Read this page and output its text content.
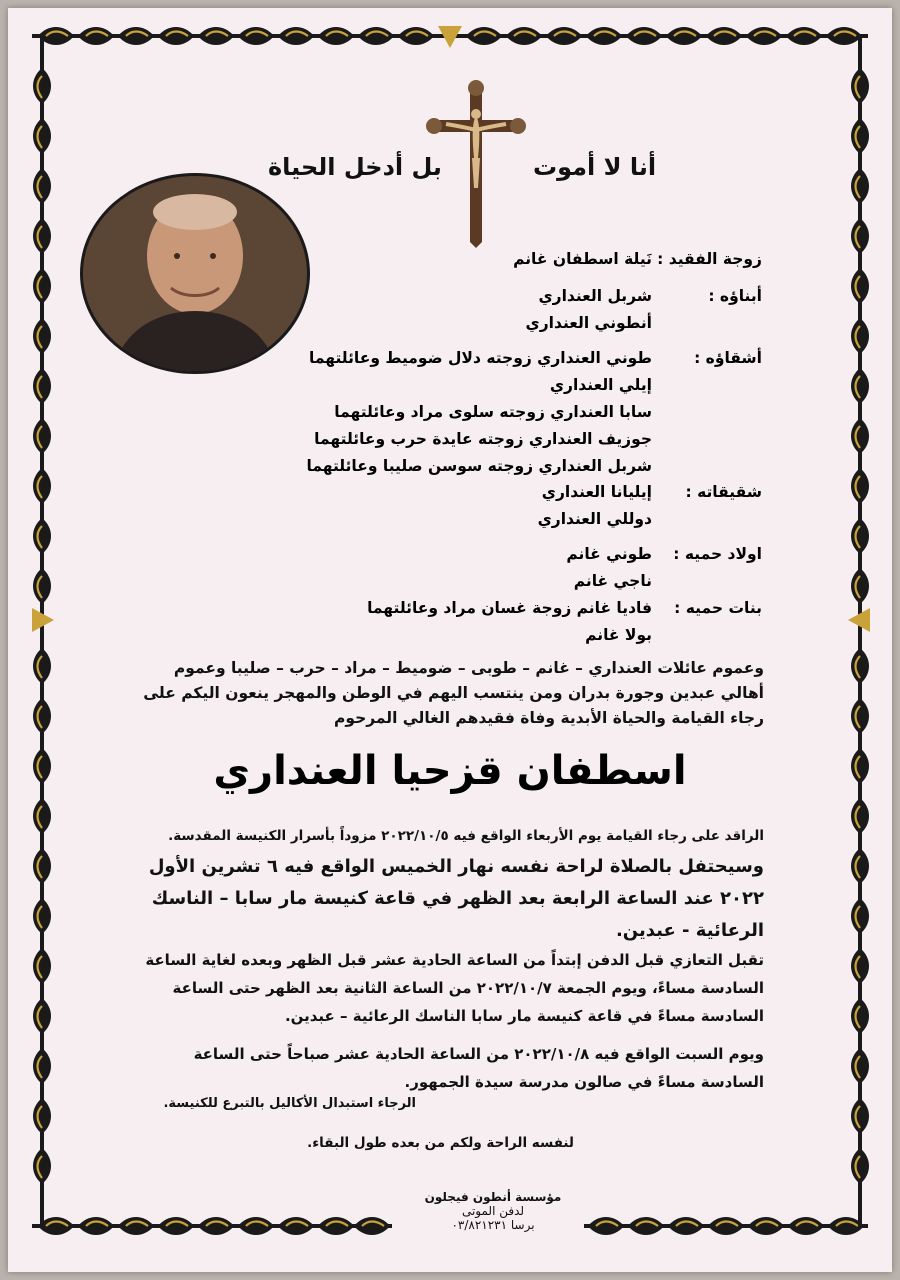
أنا لا أموت
بل أدخل الحياة
زوجة الفقيد :
نَيلة اسطفان غانم
أبناؤه :
شربل العنداري
أنطوني العنداري
أشقاؤه :
طوني العنداري زوجته دلال ضوميط وعائلتهما
إيلي العنداري
سابا العنداري زوجته سلوى مراد وعائلتهما
جوزيف العنداري زوجته عايدة حرب وعائلتهما
شربل العنداري زوجته سوسن صليبا وعائلتهما
شقيقاته :
إيليانا العنداري
دوللي العنداري
اولاد حميه :
طوني غانم
ناجي غانم
بنات حميه :
فاديا غانم زوجة غسان مراد وعائلتهما
بولا غانم
وعموم عائلات العنداري – غانم – طوبى – ضوميط – مراد – حرب – صليبا وعموم
أهالي عبدين وجورة بدران ومن ينتسب اليهم في الوطن والمهجر ينعون اليكم على
رجاء القيامة والحياة الأبدية وفاة فقيدهم الغالي المرحوم
اسطفان قزحيا العنداري
الراقد على رجاء القيامة يوم الأربعاء الواقع فيه ٢٠٢٢/١٠/٥ مزوداً بأسرار الكنيسة المقدسة.
وسيحتفل بالصلاة لراحة نفسه نهار الخميس الواقع فيه ٦ تشرين الأول
٢٠٢٢ عند الساعة الرابعة بعد الظهر في قاعة كنيسة مار سابا – الناسك
الرعائية - عبدين.
تقبل التعازي قبل الدفن إبتداً من الساعة الحادية عشر قبل الظهر وبعده لغاية الساعة
السادسة مساءً، ويوم الجمعة ٢٠٢٢/١٠/٧ من الساعة الثانية بعد الظهر حتى الساعة
السادسة مساءً في قاعة كنيسة مار سابا الناسك الرعائية – عبدين.
ويوم السبت الواقع فيه ٢٠٢٢/١٠/٨ من الساعة الحادية عشر صباحاً حتى الساعة
السادسة مساءً في صالون مدرسة سيدة الجمهور.
الرجاء استبدال الأكاليل بالتبرع للكنيسة.
لنفسه الراحة ولكم من بعده طول البقاء.
مؤسسة أنطون فيجلون
لدفن الموتى
برسا ٠٣/٨٢١٢٣١
